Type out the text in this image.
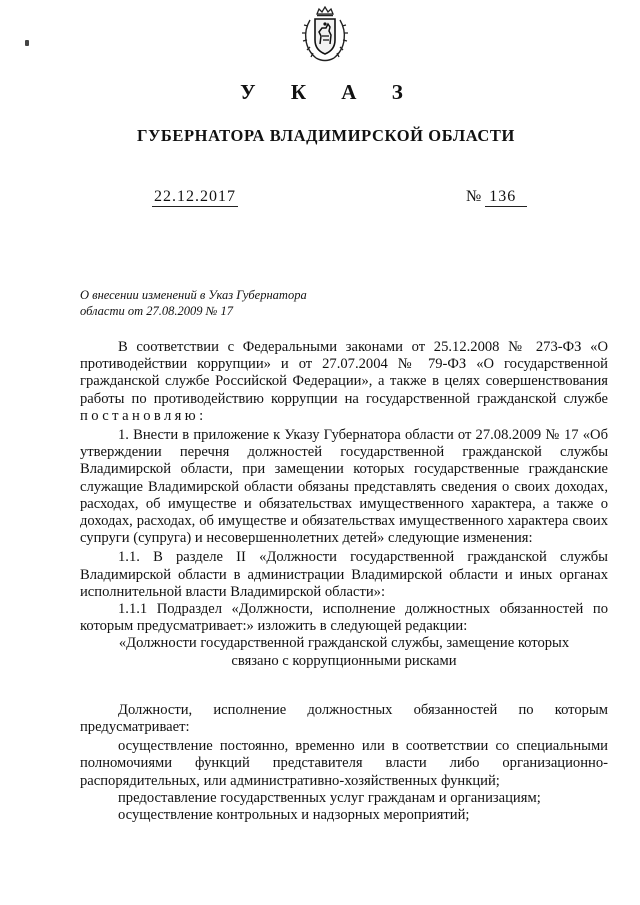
У К А З
ГУБЕРНАТОРА ВЛАДИМИРСКОЙ ОБЛАСТИ
22.12.2017	№ 136
О внесении изменений в Указ Губернатора
области от 27.08.2009 № 17

В соответствии с Федеральными законами от 25.12.2008 № 273-ФЗ «О противодействии коррупции» и от 27.07.2004 № 79-ФЗ «О государственной гражданской службе Российской Федерации», а также в целях совершенствования работы по противодействию коррупции на государственной гражданской службе постановляю:

1. Внести в приложение к Указу Губернатора области от 27.08.2009 № 17 «Об утверждении перечня должностей государственной гражданской службы Владимирской области, при замещении которых государственные гражданские служащие Владимирской области обязаны представлять сведения о своих доходах, расходах, об имуществе и обязательствах имущественного характера, а также о доходах, расходах, об имуществе и обязательствах имущественного характера своих супруги (супруга) и несовершеннолетних детей» следующие изменения:

1.1. В разделе II «Должности государственной гражданской службы Владимирской области в администрации Владимирской области и иных органах исполнительной власти Владимирской области»:

1.1.1 Подраздел «Должности, исполнение должностных обязанностей по которым предусматривает:» изложить в следующей редакции:

«Должности государственной гражданской службы, замещение которых

связано с коррупционными рисками

Должности, исполнение должностных обязанностей по которым предусматривает:

осуществление постоянно, временно или в соответствии со специальными полномочиями функций представителя власти либо организационно-распорядительных, или административно-хозяйственных функций;

предоставление государственных услуг гражданам и организациям;

осуществление контрольных и надзорных мероприятий;
